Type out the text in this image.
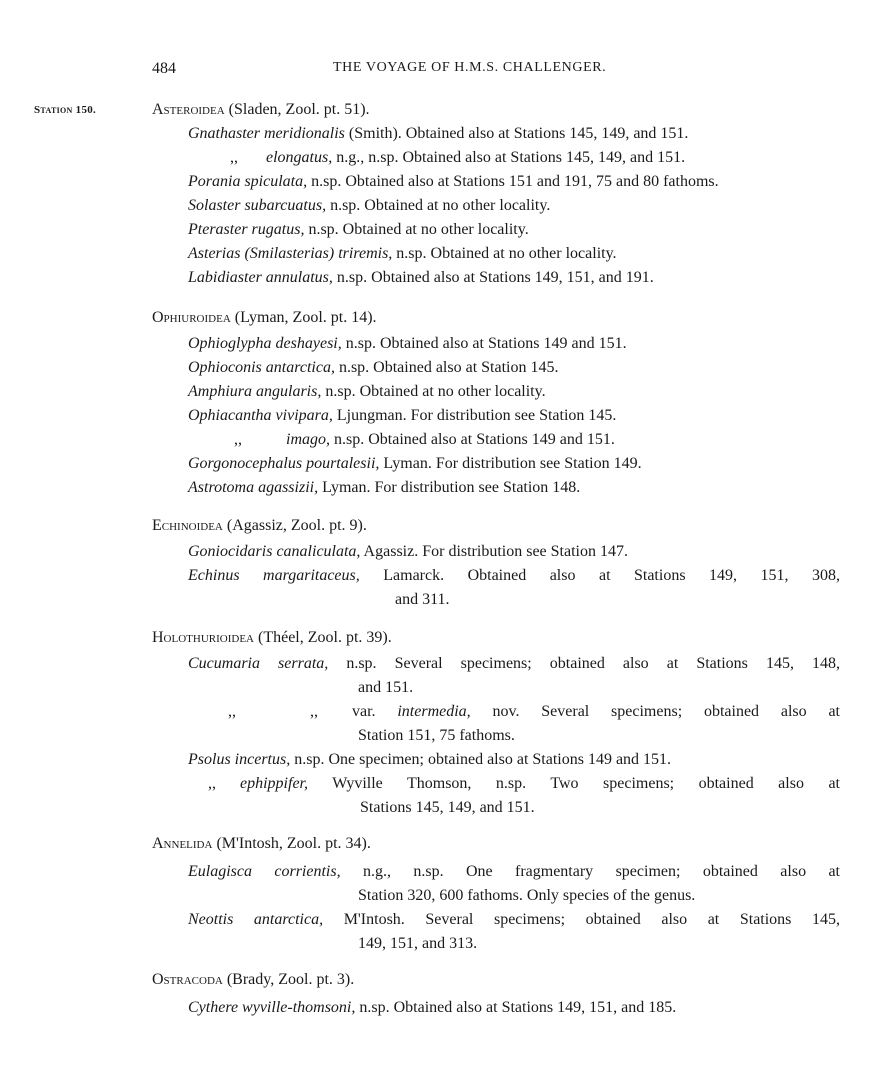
484	THE VOYAGE OF H.M.S. CHALLENGER.
Station 150.	Asteroidea (Sladen, Zool. pt. 51).
Gnathaster meridionalis (Smith). Obtained also at Stations 145, 149, and 151.
,, elongatus, n.g., n.sp. Obtained also at Stations 145, 149, and 151.
Porania spiculata, n.sp. Obtained also at Stations 151 and 191, 75 and 80 fathoms.
Solaster subarcuatus, n.sp. Obtained at no other locality.
Pteraster rugatus, n.sp. Obtained at no other locality.
Asterias (Smilasterias) triremis, n.sp. Obtained at no other locality.
Labidiaster annulatus, n.sp. Obtained also at Stations 149, 151, and 191.
Ophiuroidea (Lyman, Zool. pt. 14).
Ophioglypha deshayesi, n.sp. Obtained also at Stations 149 and 151.
Ophioconis antarctica, n.sp. Obtained also at Station 145.
Amphiura angularis, n.sp. Obtained at no other locality.
Ophiacantha vivipara, Ljungman. For distribution see Station 145.
,,	imago, n.sp. Obtained also at Stations 149 and 151.
Gorgonocephalus pourtalesii, Lyman. For distribution see Station 149.
Astrotoma agassizii, Lyman. For distribution see Station 148.
Echinoidea (Agassiz, Zool. pt. 9).
Goniocidaris canaliculata, Agassiz. For distribution see Station 147.
Echinus margaritaceus, Lamarck. Obtained also at Stations 149, 151, 308,
and 311.
Holothurioidea (Théel, Zool. pt. 39).
Cucumaria serrata, n.sp. Several specimens; obtained also at Stations 145, 148,
and 151.
,,	,, var. intermedia, nov. Several specimens; obtained also at
Station 151, 75 fathoms.
Psolus incertus, n.sp. One specimen; obtained also at Stations 149 and 151.
,, ephippifer, Wyville Thomson, n.sp. Two specimens; obtained also at
Stations 145, 149, and 151.
Annelida (M'Intosh, Zool. pt. 34).
Eulagisca corrientis, n.g., n.sp. One fragmentary specimen; obtained also at
Station 320, 600 fathoms. Only species of the genus.
Neottis antarctica, M'Intosh. Several specimens; obtained also at Stations 145,
149, 151, and 313.
Ostracoda (Brady, Zool. pt. 3).
Cythere wyville-thomsoni, n.sp. Obtained also at Stations 149, 151, and 185.
